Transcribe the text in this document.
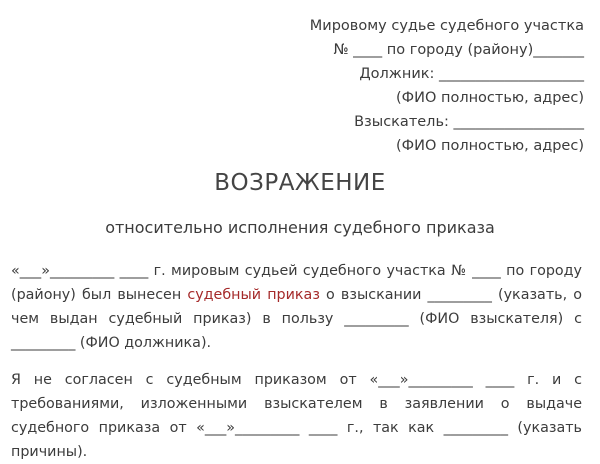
Мировому судье судебного участка
№ ____ по городу (району)_______
Должник: ____________________
(ФИО полностью, адрес)
Взыскатель: __________________
(ФИО полностью, адрес)
ВОЗРАЖЕНИЕ
относительно исполнения судебного приказа

«___»_________ ____ г. мировым судьей судебного участка № ____ по городу (району) был вынесен судебный приказ о взыскании _________ (указать, о чем выдан судебный приказ) в пользу _________ (ФИО взыскателя) с _________ (ФИО должника).

Я не согласен с судебным приказом от «___»_________ ____ г. и с требованиями, изложенными взыскателем в заявлении о выдаче судебного приказа от «___»_________ ____ г., так как _________ (указать причины).
